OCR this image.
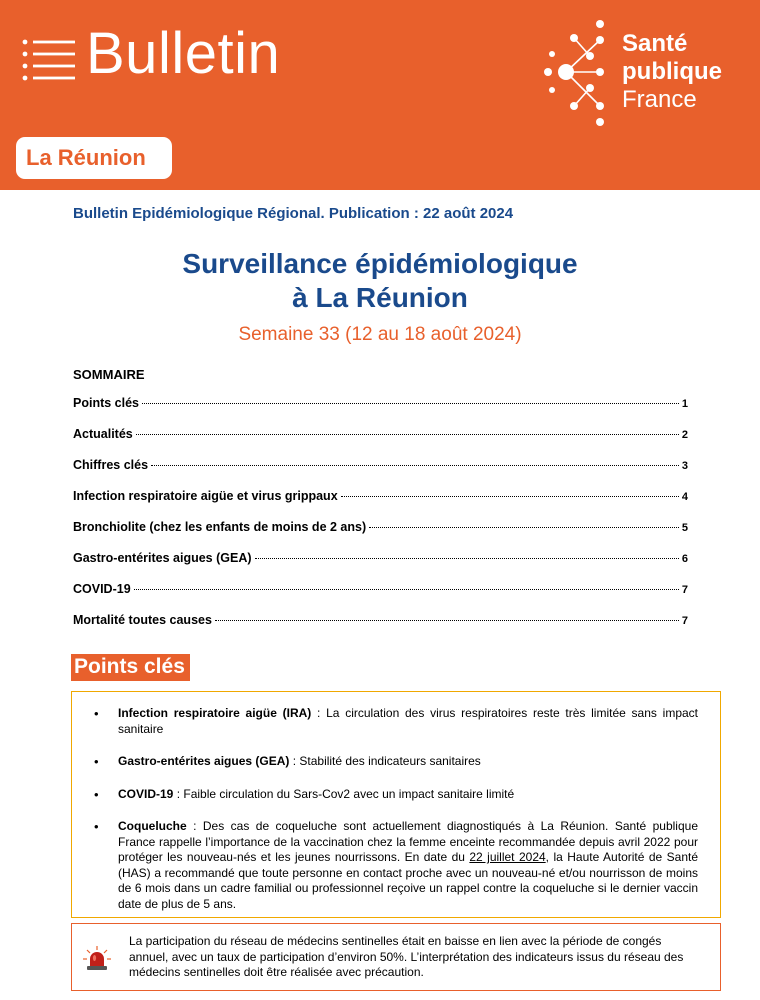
Bulletin	Santé
publique
France
La Réunion
Bulletin Epidémiologique Régional. Publication : 22 août 2024
Surveillance épidémiologique
à La Réunion
Semaine 33 (12 au 18 août 2024)
SOMMAIRE
Points clés	1
Actualités	2
Chiffres clés	3
Infection respiratoire aigüe et virus grippaux	4
Bronchiolite (chez les enfants de moins de 2 ans)	5
Gastro-entérites aigues (GEA)	6
COVID-19	7
Mortalité toutes causes	7
Points clés
• Infection respiratoire aigüe (IRA) : La circulation des virus respiratoires reste très limitée sans impact sanitaire
• Gastro-entérites aigues (GEA) : Stabilité des indicateurs sanitaires
• COVID-19 : Faible circulation du Sars-Cov2 avec un impact sanitaire limité
• Coqueluche : Des cas de coqueluche sont actuellement diagnostiqués à La Réunion. Santé publique France rappelle l’importance de la vaccination chez la femme enceinte recommandée depuis avril 2022 pour protéger les nouveau-nés et les jeunes nourrissons. En date du 22 juillet 2024, la Haute Autorité de Santé (HAS) a recommandé que toute personne en contact proche avec un nouveau-né et/ou nourrisson de moins de 6 mois dans un cadre familial ou professionnel reçoive un rappel contre la coqueluche si le dernier vaccin date de plus de 5 ans.
La participation du réseau de médecins sentinelles était en baisse en lien avec la période de congés annuel, avec un taux de participation d’environ 50%. L’interprétation des indicateurs issus du réseau des médecins sentinelles doit être réalisée avec précaution.
